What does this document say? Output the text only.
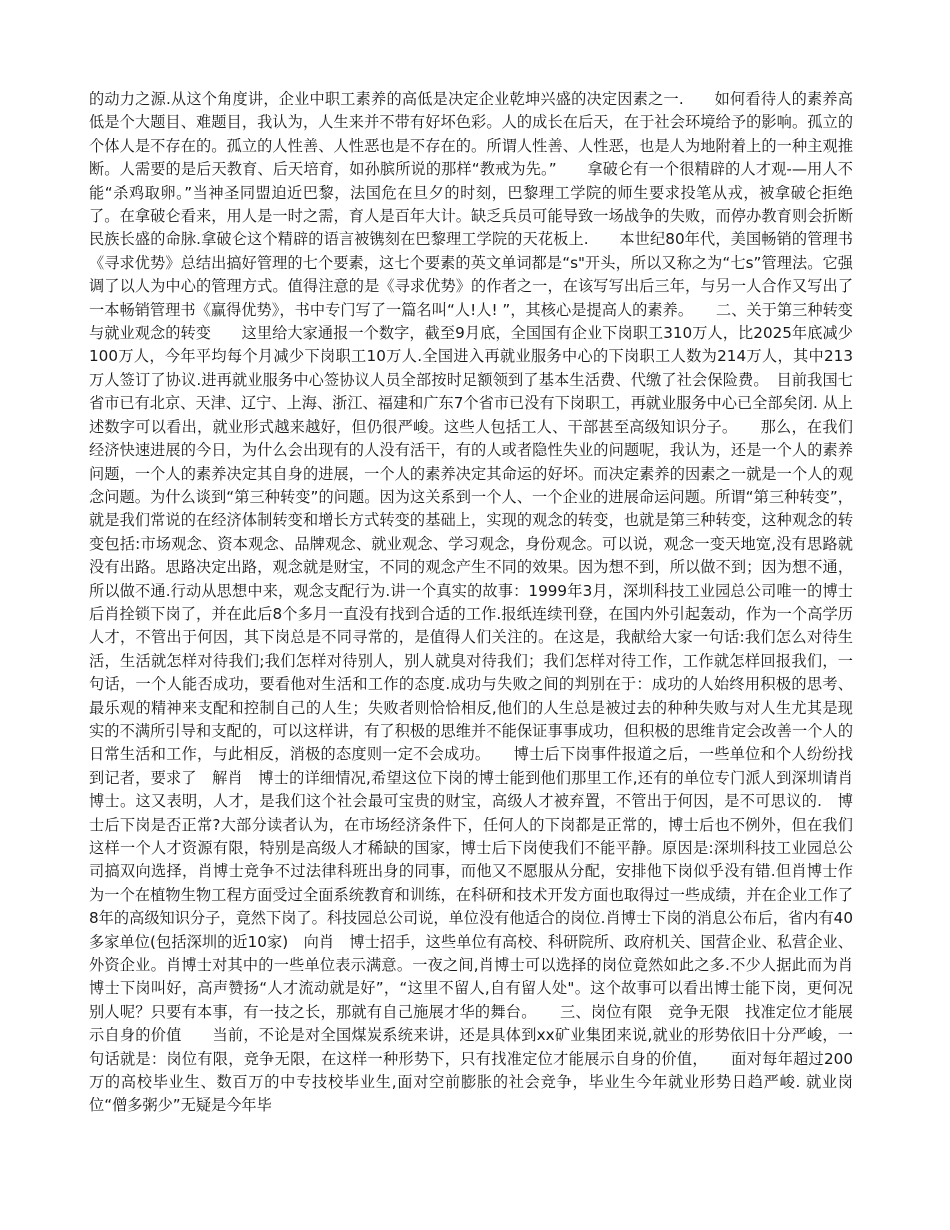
的动力之源.从这个角度讲，企业中职工素养的高低是决定企业乾坤兴盛的决定因素之一.　　如何看待人的素养高低是个大题目、难题目，我认为，人生来并不带有好坏色彩。人的成长在后天，在于社会环境给予的影响。孤立的个体人是不存在的。孤立的人性善、人性恶也是不存在的。所谓人性善、人性恶，也是人为地附着上的一种主观推断。人需要的是后天教育、后天培育，如孙膑所说的那样“教戒为先。”　　拿破仑有一个很精辟的人才观-—用人不能“杀鸡取卵。”当神圣同盟迫近巴黎，法国危在旦夕的时刻，巴黎理工学院的师生要求投笔从戎，被拿破仑拒绝了。在拿破仑看来，用人是一时之需，育人是百年大计。缺乏兵员可能导致一场战争的失败，而停办教育则会折断民族长盛的命脉.拿破仑这个精辟的语言被镌刻在巴黎理工学院的天花板上.　　本世纪80年代，美国畅销的管理书《寻求优势》总结出搞好管理的七个要素，这七个要素的英文单词都是“s"开头，所以又称之为“七s”管理法。它强调了以人为中心的管理方式。值得注意的是《寻求优势》的作者之一，在该写写出后三年，与另一人合作又写出了一本畅销管理书《赢得优势》，书中专门写了一篇名叫“人!人! ”，其核心是提高人的素养。　　二、关于第三种转变与就业观念的转变　　这里给大家通报一个数字，截至9月底，全国国有企业下岗职工310万人，比2025年底减少100万人，今年平均每个月减少下岗职工10万人.全国进入再就业服务中心的下岗职工人数为214万人，其中213万人签订了协议.进再就业服务中心签协议人员全部按时足额领到了基本生活费、代缴了社会保险费。　目前我国七省市已有北京、天津、辽宁、上海、浙江、福建和广东7个省市已没有下岗职工，再就业服务中心已全部矣闭. 从上述数字可以看出，就业形式越来越好，但仍很严峻。这些人包括工人、干部甚至高级知识分子。　　那么，在我们经济快速进展的今日，为什么会出现有的人没有活干，有的人或者隐性失业的问题呢，我认为，还是一个人的素养问题，一个人的素养决定其自身的进展，一个人的素养决定其命运的好坏。而决定素养的因素之一就是一个人的观念问题。为什么谈到“第三种转变”的问题。因为这关系到一个人、一个企业的进展命运问题。所谓“第三种转变”，就是我们常说的在经济体制转变和增长方式转变的基础上，实现的观念的转变，也就是第三种转变，这种观念的转变包括:市场观念、资本观念、品牌观念、就业观念、学习观念，身份观念。可以说，观念一变天地宽,没有思路就没有出路。思路决定出路，观念就是财宝，不同的观念产生不同的效果。因为想不到，所以做不到；因为想不通，所以做不通.行动从思想中来，观念支配行为.讲一个真实的故事：1999年3月，深圳科技工业园总公司唯一的博士后肖拴锁下岗了，并在此后8个多月一直没有找到合适的工作.报纸连续刊登，在国内外引起轰动，作为一个高学历人才，不管出于何因，其下岗总是不同寻常的，是值得人们关注的。在这是，我献给大家一句话:我们怎么对待生活，生活就怎样对待我们;我们怎样对待别人，别人就臭对待我们；我们怎样对待工作，工作就怎样回报我们，一句话，一个人能否成功，要看他对生活和工作的态度.成功与失败之间的判别在于：成功的人始终用积极的思考、最乐观的精神来支配和控制自己的人生；失败者则恰恰相反,他们的人生总是被过去的种种失败与对人生尤其是现实的不满所引导和支配的，可以这样讲，有了积极的思维并不能保证事事成功，但积极的思维肯定会改善一个人的日常生活和工作，与此相反，消极的态度则一定不会成功。　　博士后下岗事件报道之后，一些单位和个人纷纷找到记者，要求了　解肖　博士的详细情况,希望这位下岗的博士能到他们那里工作,还有的单位专门派人到深圳请肖博士。这又表明，人才，是我们这个社会最可宝贵的财宝，高级人才被弃置，不管出于何因，是不可思议的.　博士后下岗是否正常?大部分读者认为，在市场经济条件下，任何人的下岗都是正常的，博士后也不例外，但在我们这样一个人才资源有限，特别是高级人才稀缺的国家，博士后下岗使我们不能平静。原因是:深圳科技工业园总公司搞双向选择，肖博士竞争不过法律科班出身的同事，而他又不愿服从分配，安排他下岗似乎没有错.但肖博士作为一个在植物生物工程方面受过全面系统教育和训练，在科研和技术开发方面也取得过一些成绩，并在企业工作了8年的高级知识分子，竟然下岗了。科技园总公司说，单位没有他适合的岗位.肖博士下岗的消息公布后，省内有40多家单位(包括深圳的近10家)　向肖　博士招手，这些单位有高校、科研院所、政府机关、国营企业、私营企业、外资企业。肖博士对其中的一些单位表示满意。一夜之间,肖博士可以选择的岗位竟然如此之多.不少人据此而为肖博士下岗叫好，高声赞扬“人才流动就是好”，“这里不留人,自有留人处"。这个故事可以看出博士能下岗，更何况别人呢？只要有本事，有一技之长，那就有自己施展才华的舞台。　　三、岗位有限　竞争无限　找准定位才能展示自身的价值　　当前，不论是对全国煤炭系统来讲，还是具体到xx矿业集团来说,就业的形势依旧十分严峻，一句话就是：岗位有限，竞争无限，在这样一种形势下，只有找准定位才能展示自身的价值，　　面对每年超过200万的高校毕业生、数百万的中专技校毕业生,面对空前膨胀的社会竞争，毕业生今年就业形势日趋严峻. 就业岗位“僧多粥少”无疑是今年毕
